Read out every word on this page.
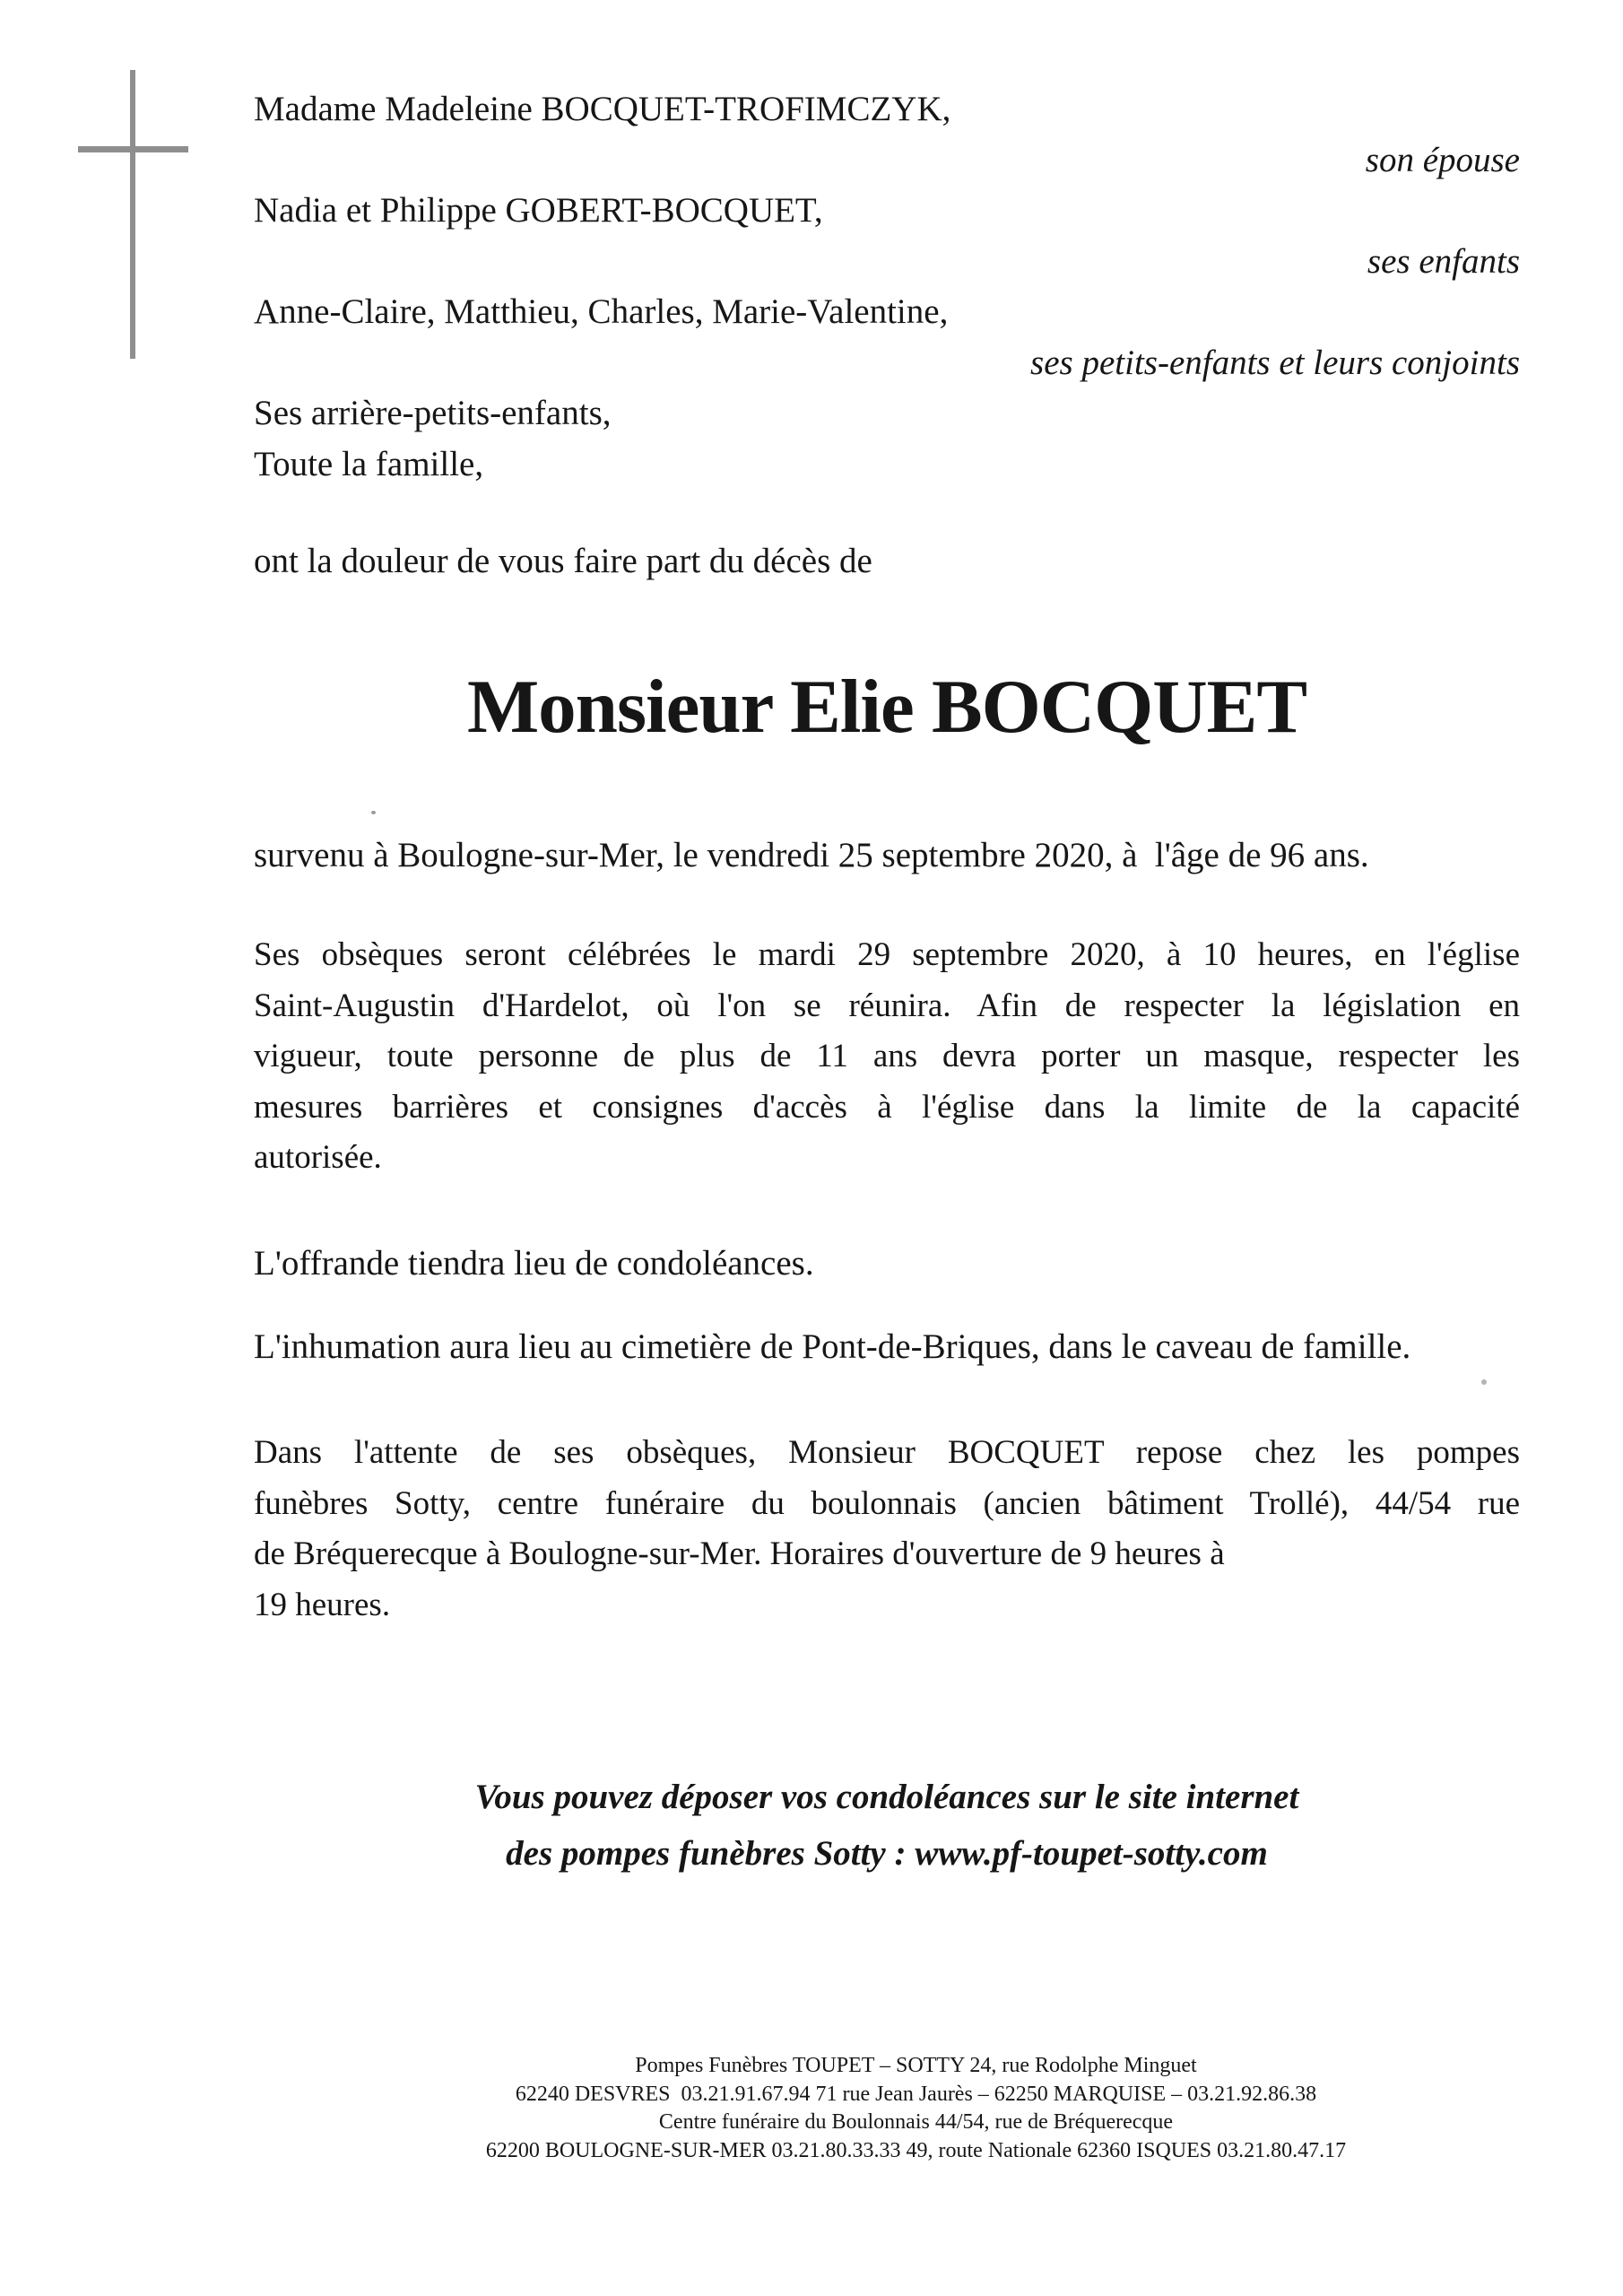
Madame Madeleine BOCQUET-TROFIMCZYK,
son épouse
Nadia et Philippe GOBERT-BOCQUET,
ses enfants
Anne-Claire, Matthieu, Charles, Marie-Valentine,
ses petits-enfants et leurs conjoints
Ses arrière-petits-enfants,
Toute la famille,
ont la douleur de vous faire part du décès de
Monsieur Elie BOCQUET
survenu à Boulogne-sur-Mer, le vendredi 25 septembre 2020, à  l'âge de 96 ans.
Ses obsèques seront célébrées le mardi 29 septembre 2020, à 10 heures, en l'église
Saint-Augustin d'Hardelot, où l'on se réunira. Afin de respecter la législation en
vigueur, toute personne de plus de 11 ans devra porter un masque, respecter les
mesures barrières et consignes d'accès à l'église dans la limite de la capacité
autorisée.
L'offrande tiendra lieu de condoléances.
L'inhumation aura lieu au cimetière de Pont-de-Briques, dans le caveau de famille.
Dans l'attente de ses obsèques, Monsieur BOCQUET repose chez les pompes
funèbres Sotty, centre funéraire du boulonnais (ancien bâtiment Trollé), 44/54 rue
de Bréquerecque à Boulogne-sur-Mer. Horaires d'ouverture de 9 heures à
19 heures.
Vous pouvez déposer vos condoléances sur le site internet
des pompes funèbres Sotty : www.pf-toupet-sotty.com
Pompes Funèbres TOUPET – SOTTY 24, rue Rodolphe Minguet
62240 DESVRES  03.21.91.67.94 71 rue Jean Jaurès – 62250 MARQUISE – 03.21.92.86.38
Centre funéraire du Boulonnais 44/54, rue de Bréquerecque
62200 BOULOGNE-SUR-MER 03.21.80.33.33 49, route Nationale 62360 ISQUES 03.21.80.47.17
